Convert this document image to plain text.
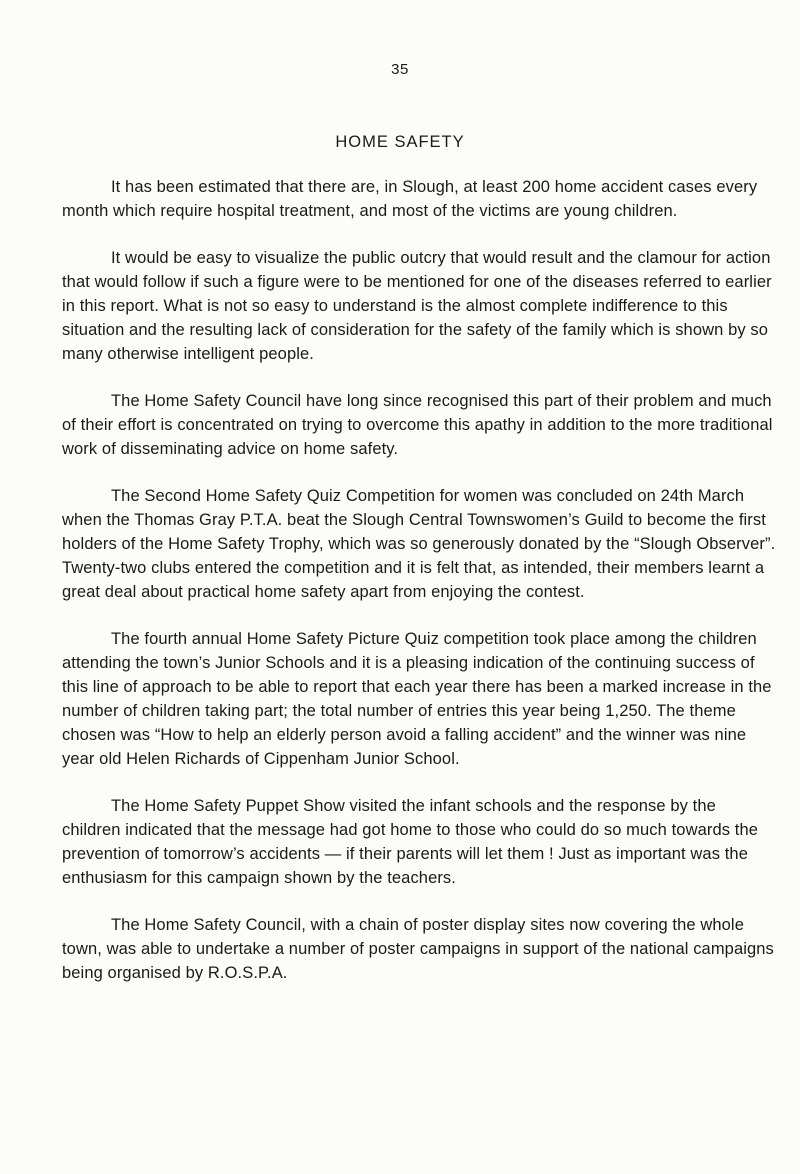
35
HOME SAFETY

It has been estimated that there are, in Slough, at least 200 home accident cases every month which require hospital treatment, and most of the victims are young children.

It would be easy to visualize the public outcry that would result and the clamour for action that would follow if such a figure were to be mentioned for one of the diseases referred to earlier in this report. What is not so easy to understand is the almost complete indifference to this situation and the resulting lack of consideration for the safety of the family which is shown by so many otherwise intelligent people.

The Home Safety Council have long since recognised this part of their problem and much of their effort is concentrated on trying to overcome this apathy in addition to the more traditional work of disseminating advice on home safety.

The Second Home Safety Quiz Competition for women was concluded on 24th March when the Thomas Gray P.T.A. beat the Slough Central Townswomen’s Guild to become the first holders of the Home Safety Trophy, which was so generously donated by the “Slough Observer”. Twenty-two clubs entered the competition and it is felt that, as intended, their members learnt a great deal about practical home safety apart from enjoying the contest.

The fourth annual Home Safety Picture Quiz competition took place among the children attending the town’s Junior Schools and it is a pleasing indication of the continuing success of this line of approach to be able to report that each year there has been a marked increase in the number of children taking part; the total number of entries this year being 1,250. The theme chosen was “How to help an elderly person avoid a falling accident” and the winner was nine year old Helen Richards of Cippenham Junior School.

The Home Safety Puppet Show visited the infant schools and the response by the children indicated that the message had got home to those who could do so much towards the prevention of tomorrow’s accidents — if their parents will let them ! Just as important was the enthusiasm for this campaign shown by the teachers.

The Home Safety Council, with a chain of poster display sites now covering the whole town, was able to undertake a number of poster campaigns in support of the national campaigns being organised by R.O.S.P.A.
